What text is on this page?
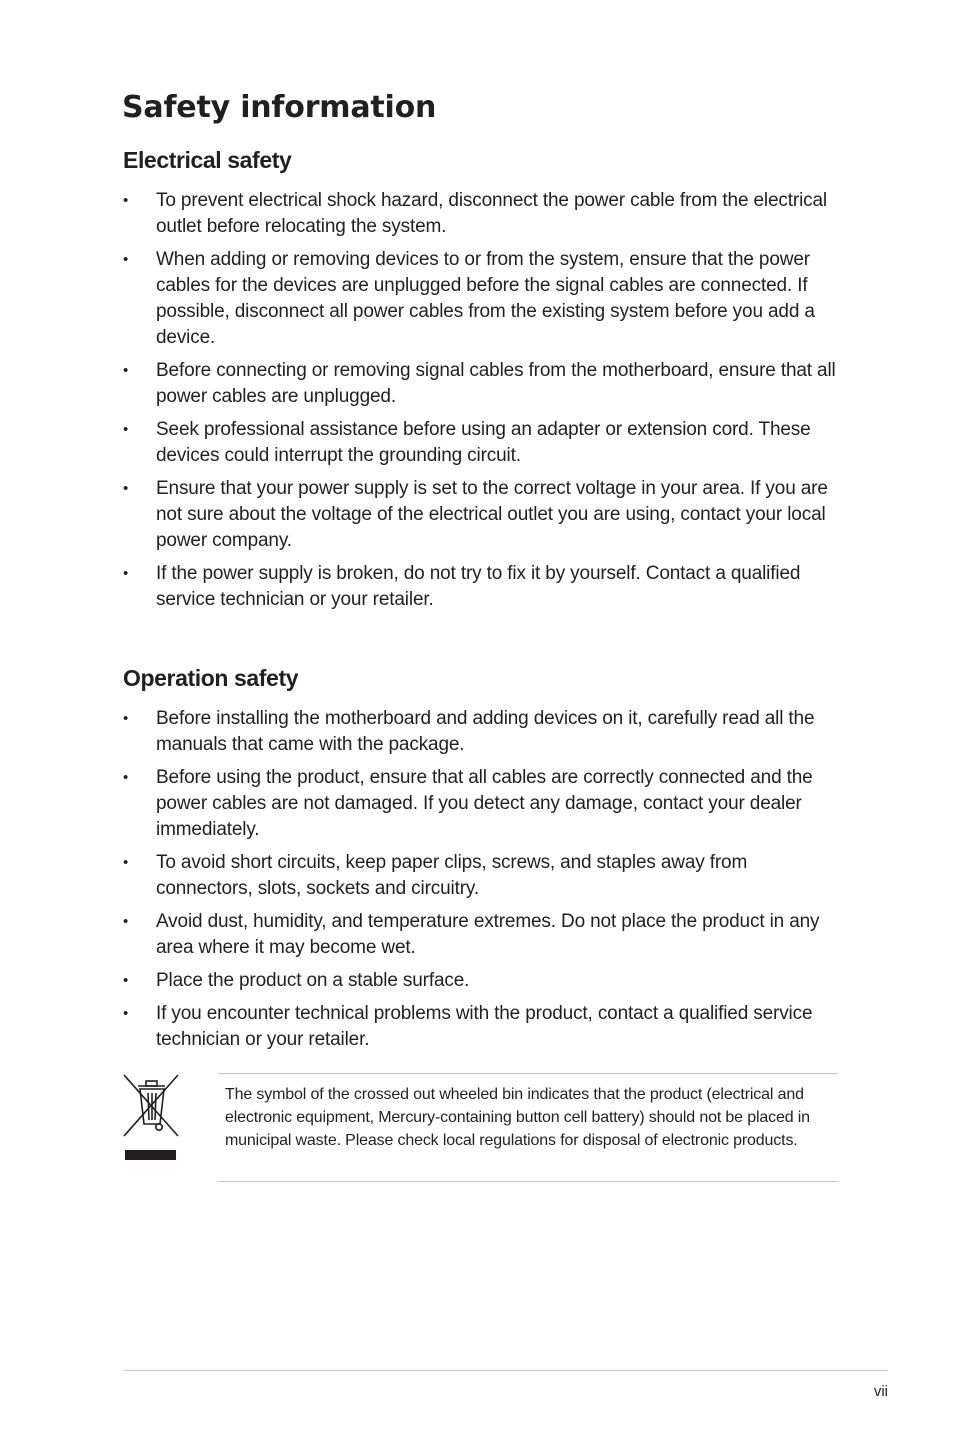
Safety information
Electrical safety
•	To prevent electrical shock hazard, disconnect the power cable from the electrical outlet before relocating the system.
•	When adding or removing devices to or from the system, ensure that the power cables for the devices are unplugged before the signal cables are connected. If possible, disconnect all power cables from the existing system before you add a device.
•	Before connecting or removing signal cables from the motherboard, ensure that all power cables are unplugged.
•	Seek professional assistance before using an adapter or extension cord. These devices could interrupt the grounding circuit.
•	Ensure that your power supply is set to the correct voltage in your area. If you are not sure about the voltage of the electrical outlet you are using, contact your local power company.
•	If the power supply is broken, do not try to fix it by yourself. Contact a qualified service technician or your retailer.
Operation safety
•	Before installing the motherboard and adding devices on it, carefully read all the manuals that came with the package.
•	Before using the product, ensure that all cables are correctly connected and the power cables are not damaged. If you detect any damage, contact your dealer immediately.
•	To avoid short circuits, keep paper clips, screws, and staples away from connectors, slots, sockets and circuitry.
•	Avoid dust, humidity, and temperature extremes. Do not place the product in any area where it may become wet.
•	Place the product on a stable surface.
•	If you encounter technical problems with the product, contact a qualified service technician or your retailer.

The symbol of the crossed out wheeled bin indicates that the product (electrical and electronic equipment, Mercury-containing button cell battery) should not be placed in municipal waste. Please check local regulations for disposal of electronic products.

vii
